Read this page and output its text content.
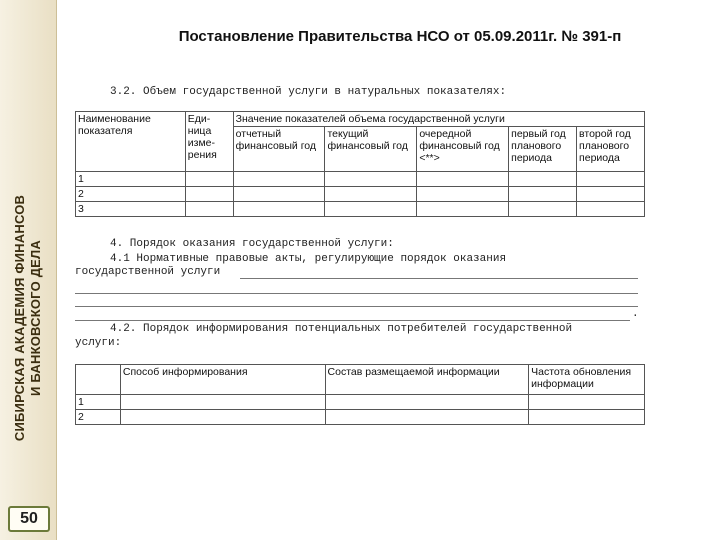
СИБИРСКАЯ АКАДЕМИЯ ФИНАНСОВ И БАНКОВСКОГО ДЕЛА
50
Постановление Правительства НСО от 05.09.2011г. № 391-п
3.2. Объем государственной услуги в натуральных показателях:
Наименование показателя	Еди- ница изме- рения	Значение показателей объема государственной услуги				
		отчетный финансовый год	текущий финансовый год	очередной финансовый год <**>	первый год планового периода	второй год планового периода
1						
2						
3						
4. Порядок оказания государственной услуги:
4.1 Нормативные правовые акты, регулирующие порядок оказания
государственной услуги
.
4.2. Порядок информирования потенциальных потребителей государственной
услуги:
	Способ информирования	Состав размещаемой информации	Частота обновления информации
1			
2			
